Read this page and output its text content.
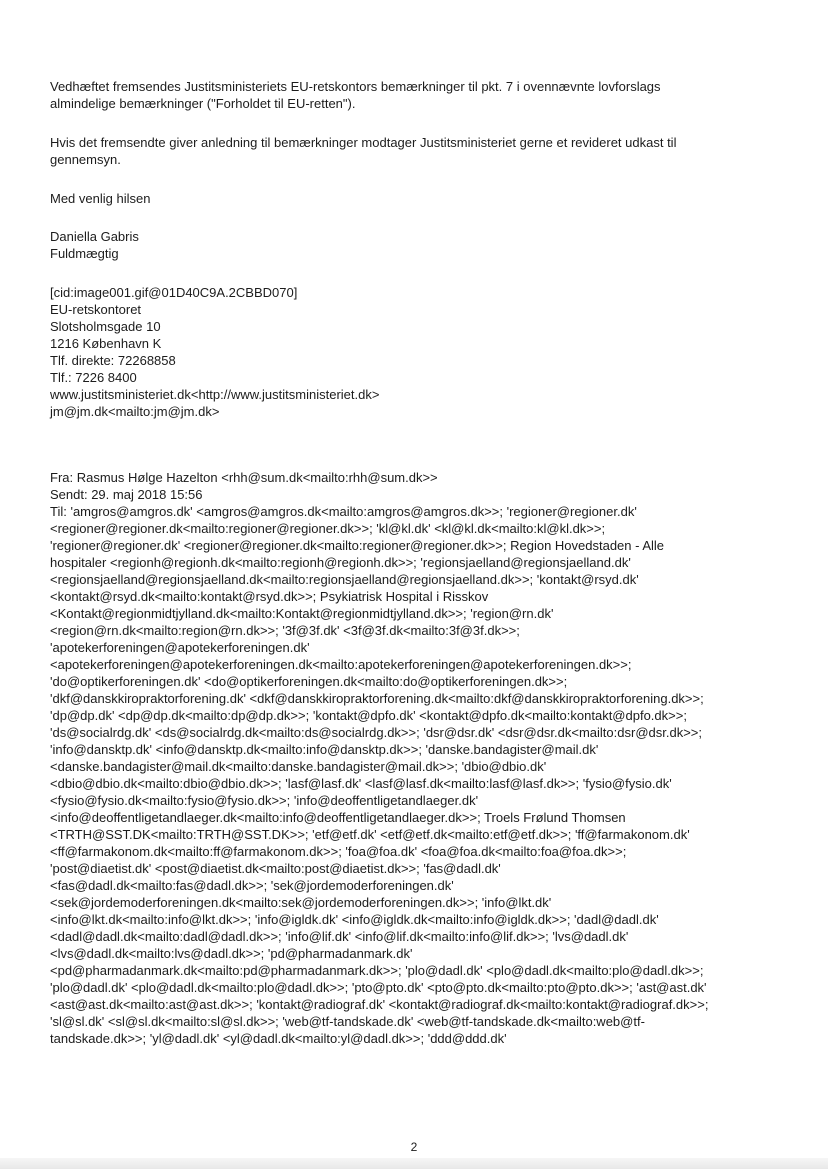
Vedhæftet fremsendes Justitsministeriets EU-retskontors bemærkninger til pkt. 7 i ovennævnte lovforslags
almindelige bemærkninger ("Forholdet til EU-retten").
Hvis det fremsendte giver anledning til bemærkninger modtager Justitsministeriet gerne et revideret udkast til
gennemsyn.
Med venlig hilsen
Daniella Gabris
Fuldmægtig
[cid:image001.gif@01D40C9A.2CBBD070]
EU-retskontoret
Slotsholmsgade 10
1216 København K
Tlf. direkte: 72268858
Tlf.: 7226 8400
www.justitsministeriet.dk<http://www.justitsministeriet.dk>
jm@jm.dk<mailto:jm@jm.dk>
Fra: Rasmus Hølge Hazelton <rhh@sum.dk<mailto:rhh@sum.dk>>
Sendt: 29. maj 2018 15:56
Til: 'amgros@amgros.dk' <amgros@amgros.dk<mailto:amgros@amgros.dk>>; 'regioner@regioner.dk'
<regioner@regioner.dk<mailto:regioner@regioner.dk>>; 'kl@kl.dk' <kl@kl.dk<mailto:kl@kl.dk>>;
'regioner@regioner.dk' <regioner@regioner.dk<mailto:regioner@regioner.dk>>; Region Hovedstaden - Alle
hospitaler <regionh@regionh.dk<mailto:regionh@regionh.dk>>; 'regionsjaelland@regionsjaelland.dk'
<regionsjaelland@regionsjaelland.dk<mailto:regionsjaelland@regionsjaelland.dk>>; 'kontakt@rsyd.dk'
<kontakt@rsyd.dk<mailto:kontakt@rsyd.dk>>; Psykiatrisk Hospital i Risskov
<Kontakt@regionmidtjylland.dk<mailto:Kontakt@regionmidtjylland.dk>>; 'region@rn.dk'
<region@rn.dk<mailto:region@rn.dk>>; '3f@3f.dk' <3f@3f.dk<mailto:3f@3f.dk>>;
'apotekerforeningen@apotekerforeningen.dk'
<apotekerforeningen@apotekerforeningen.dk<mailto:apotekerforeningen@apotekerforeningen.dk>>;
'do@optikerforeningen.dk' <do@optikerforeningen.dk<mailto:do@optikerforeningen.dk>>;
'dkf@danskkiropraktorforening.dk' <dkf@danskkiropraktorforening.dk<mailto:dkf@danskkiropraktorforening.dk>>;
'dp@dp.dk' <dp@dp.dk<mailto:dp@dp.dk>>; 'kontakt@dpfo.dk' <kontakt@dpfo.dk<mailto:kontakt@dpfo.dk>>;
'ds@socialrdg.dk' <ds@socialrdg.dk<mailto:ds@socialrdg.dk>>; 'dsr@dsr.dk' <dsr@dsr.dk<mailto:dsr@dsr.dk>>;
'info@dansktp.dk' <info@dansktp.dk<mailto:info@dansktp.dk>>; 'danske.bandagister@mail.dk'
<danske.bandagister@mail.dk<mailto:danske.bandagister@mail.dk>>; 'dbio@dbio.dk'
<dbio@dbio.dk<mailto:dbio@dbio.dk>>; 'lasf@lasf.dk' <lasf@lasf.dk<mailto:lasf@lasf.dk>>; 'fysio@fysio.dk'
<fysio@fysio.dk<mailto:fysio@fysio.dk>>; 'info@deoffentligetandlaeger.dk'
<info@deoffentligetandlaeger.dk<mailto:info@deoffentligetandlaeger.dk>>; Troels Frølund Thomsen
<TRTH@SST.DK<mailto:TRTH@SST.DK>>; 'etf@etf.dk' <etf@etf.dk<mailto:etf@etf.dk>>; 'ff@farmakonom.dk'
<ff@farmakonom.dk<mailto:ff@farmakonom.dk>>; 'foa@foa.dk' <foa@foa.dk<mailto:foa@foa.dk>>;
'post@diaetist.dk' <post@diaetist.dk<mailto:post@diaetist.dk>>; 'fas@dadl.dk'
<fas@dadl.dk<mailto:fas@dadl.dk>>; 'sek@jordemoderforeningen.dk'
<sek@jordemoderforeningen.dk<mailto:sek@jordemoderforeningen.dk>>; 'info@lkt.dk'
<info@lkt.dk<mailto:info@lkt.dk>>; 'info@igldk.dk' <info@igldk.dk<mailto:info@igldk.dk>>; 'dadl@dadl.dk'
<dadl@dadl.dk<mailto:dadl@dadl.dk>>; 'info@lif.dk' <info@lif.dk<mailto:info@lif.dk>>; 'lvs@dadl.dk'
<lvs@dadl.dk<mailto:lvs@dadl.dk>>; 'pd@pharmadanmark.dk'
<pd@pharmadanmark.dk<mailto:pd@pharmadanmark.dk>>; 'plo@dadl.dk' <plo@dadl.dk<mailto:plo@dadl.dk>>;
'plo@dadl.dk' <plo@dadl.dk<mailto:plo@dadl.dk>>; 'pto@pto.dk' <pto@pto.dk<mailto:pto@pto.dk>>; 'ast@ast.dk'
<ast@ast.dk<mailto:ast@ast.dk>>; 'kontakt@radiograf.dk' <kontakt@radiograf.dk<mailto:kontakt@radiograf.dk>>;
'sl@sl.dk' <sl@sl.dk<mailto:sl@sl.dk>>; 'web@tf-tandskade.dk' <web@tf-tandskade.dk<mailto:web@tf-
tandskade.dk>>; 'yl@dadl.dk' <yl@dadl.dk<mailto:yl@dadl.dk>>; 'ddd@ddd.dk'
2
